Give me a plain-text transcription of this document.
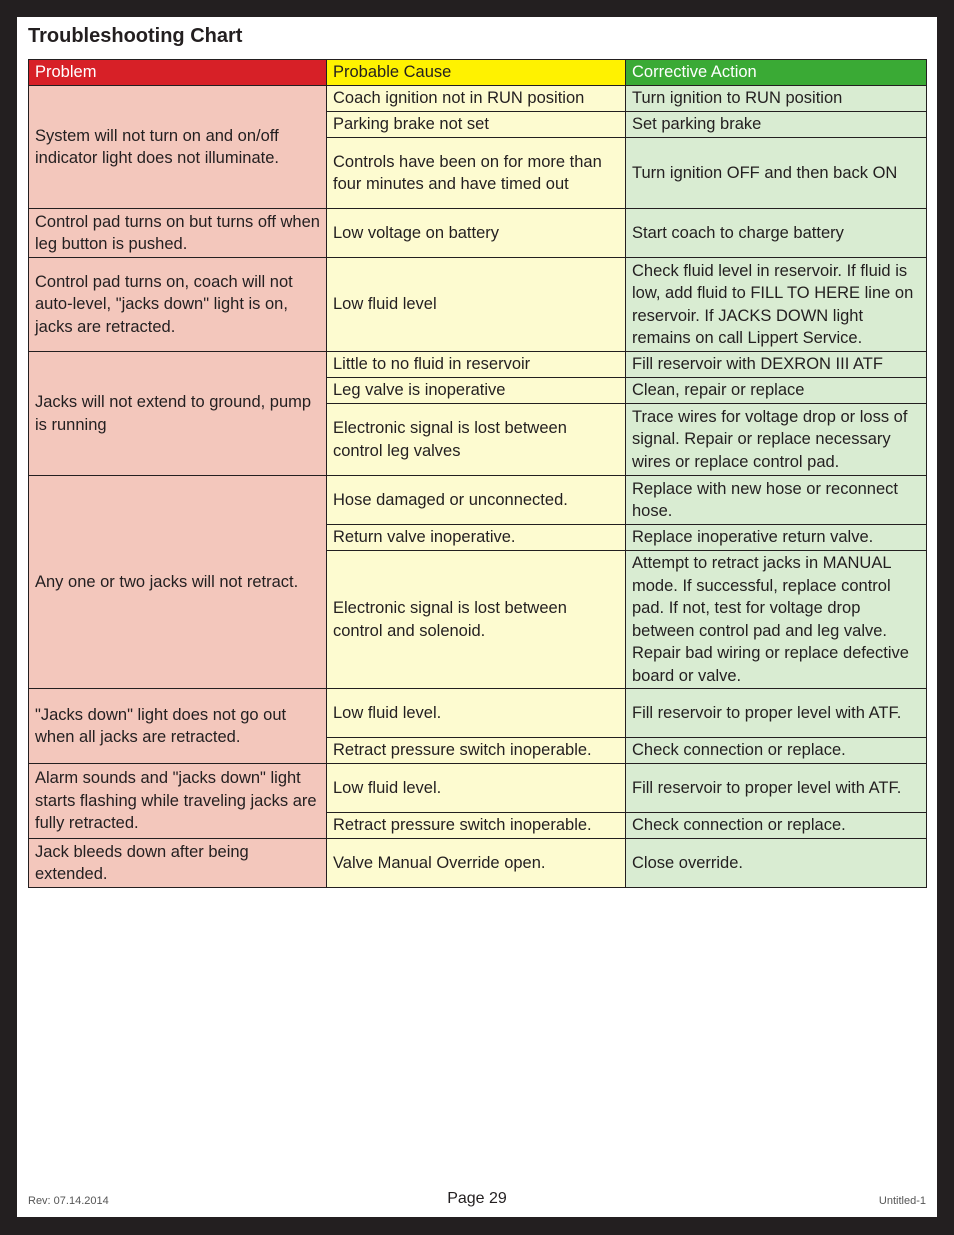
Troubleshooting Chart
Problem	Probable Cause	Corrective Action
System will not turn on and on/off indicator light does not illuminate.	Coach ignition not in RUN position	Turn ignition to RUN position
	Parking brake not set	Set parking brake
	Controls have been on for more than four minutes and have timed out	Turn ignition OFF and then back ON
Control pad turns on but turns off when leg button is pushed.	Low voltage on battery	Start coach to charge battery
Control pad turns on, coach will not auto-level, "jacks down" light is on, jacks are retracted.	Low fluid level	Check fluid level in reservoir. If fluid is low, add fluid to FILL TO HERE line on reservoir. If JACKS DOWN light remains on call Lippert Service.
Jacks will not extend to ground, pump is running	Little to no fluid in reservoir	Fill reservoir with DEXRON III ATF
	Leg valve is inoperative	Clean, repair or replace
	Electronic signal is lost between control leg valves	Trace wires for voltage drop or loss of signal. Repair or replace necessary wires or replace control pad.
Any one or two jacks will not retract.	Hose damaged or unconnected.	Replace with new hose or reconnect hose.
	Return valve inoperative.	Replace inoperative return valve.
	Electronic signal is lost between control and solenoid.	Attempt to retract jacks in MANUAL mode. If successful, replace control pad. If not, test for voltage drop between control pad and leg valve. Repair bad wiring or replace defective board or valve.
"Jacks down" light does not go out when all jacks are retracted.	Low fluid level.	Fill reservoir to proper level with ATF.
	Retract pressure switch inoperable.	Check connection or replace.
Alarm sounds and "jacks down" light starts flashing while traveling jacks are fully retracted.	Low fluid level.	Fill reservoir to proper level with ATF.
	Retract pressure switch inoperable.	Check connection or replace.
Jack bleeds down after being extended.	Valve Manual Override open.	Close override.
Rev: 07.14.2014	Page 29	Untitled-1
